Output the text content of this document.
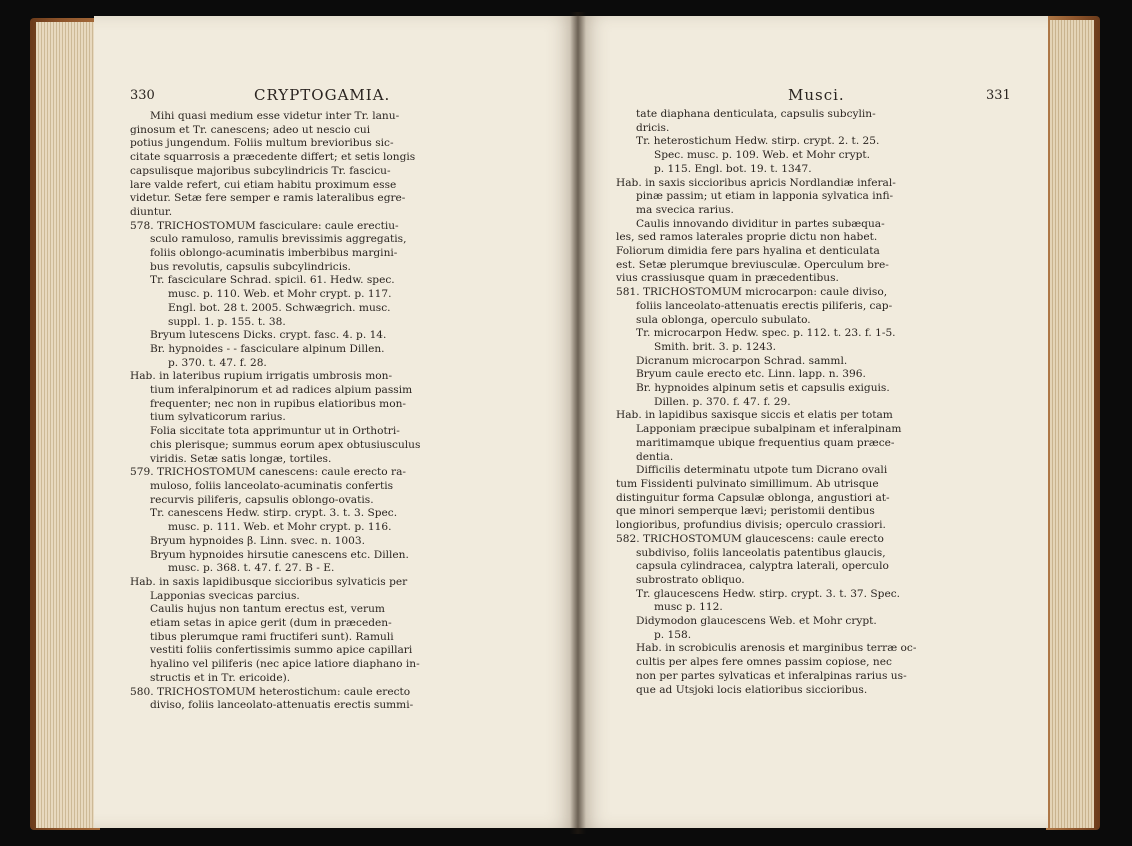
330	CRYPTOGAMIA.

Mihi quasi medium esse videtur inter Tr. lanu-

ginosum et Tr. canescens; adeo ut nescio cui

potius jungendum. Foliis multum brevioribus sic-

citate squarrosis a præcedente differt; et setis longis

capsulisque majoribus subcylindricis Tr. fascicu-

lare valde refert, cui etiam habitu proximum esse

videtur. Setæ fere semper e ramis lateralibus egre-

diuntur.

578. TRICHOSTOMUM fasciculare: caule erectiu-

sculo ramuloso, ramulis brevissimis aggregatis,

foliis oblongo-acuminatis imberbibus margini-

bus revolutis, capsulis subcylindricis.

Tr. fasciculare Schrad. spicil. 61. Hedw. spec.

musc. p. 110. Web. et Mohr crypt. p. 117.

Engl. bot. 28 t. 2005. Schwægrich. musc.

suppl. 1. p. 155. t. 38.

Bryum lutescens Dicks. crypt. fasc. 4. p. 14.

Br. hypnoides - - fasciculare alpinum Dillen.

p. 370. t. 47. f. 28.

Hab. in lateribus rupium irrigatis umbrosis mon-

tium inferalpinorum et ad radices alpium passim

frequenter; nec non in rupibus elatioribus mon-

tium sylvaticorum rarius.

Folia siccitate tota apprimuntur ut in Orthotri-

chis plerisque; summus eorum apex obtusiusculus

viridis. Setæ satis longæ, tortiles.

579. TRICHOSTOMUM canescens: caule erecto ra-

muloso, foliis lanceolato-acuminatis confertis

recurvis piliferis, capsulis oblongo-ovatis.

Tr. canescens Hedw. stirp. crypt. 3. t. 3. Spec.

musc. p. 111. Web. et Mohr crypt. p. 116.

Bryum hypnoides β. Linn. svec. n. 1003.

Bryum hypnoides hirsutie canescens etc. Dillen.

musc. p. 368. t. 47. f. 27. B - E.

Hab. in saxis lapidibusque siccioribus sylvaticis per

Lapponias svecicas parcius.

Caulis hujus non tantum erectus est, verum

etiam setas in apice gerit (dum in præceden-

tibus plerumque rami fructiferi sunt). Ramuli

vestiti foliis confertissimis summo apice capillari

hyalino vel piliferis (nec apice latiore diaphano in-

structis et in Tr. ericoide).

580. TRICHOSTOMUM heterostichum: caule erecto

diviso, foliis lanceolato-attenuatis erectis summi-

Musci.	331

tate diaphana denticulata, capsulis subcylin-

dricis.

Tr. heterostichum Hedw. stirp. crypt. 2. t. 25.

Spec. musc. p. 109. Web. et Mohr crypt.

p. 115. Engl. bot. 19. t. 1347.

Hab. in saxis siccioribus apricis Nordlandiæ inferal-

pinæ passim; ut etiam in lapponia sylvatica infi-

ma svecica rarius.

Caulis innovando dividitur in partes subæqua-

les, sed ramos laterales proprie dictu non habet.

Foliorum dimidia fere pars hyalina et denticulata

est. Setæ plerumque breviusculæ. Operculum bre-

vius crassiusque quam in præcedentibus.

581. TRICHOSTOMUM microcarpon: caule diviso,

foliis lanceolato-attenuatis erectis piliferis, cap-

sula oblonga, operculo subulato.

Tr. microcarpon Hedw. spec. p. 112. t. 23. f. 1-5.

Smith. brit. 3. p. 1243.

Dicranum microcarpon Schrad. samml.

Bryum caule erecto etc. Linn. lapp. n. 396.

Br. hypnoides alpinum setis et capsulis exiguis.

Dillen. p. 370. f. 47. f. 29.

Hab. in lapidibus saxisque siccis et elatis per totam

Lapponiam præcipue subalpinam et inferalpinam

maritimamque ubique frequentius quam præce-

dentia.

Difficilis determinatu utpote tum Dicrano ovali

tum Fissidenti pulvinato simillimum. Ab utrisque

distinguitur forma Capsulæ oblonga, angustiori at-

que minori semperque lævi; peristomii dentibus

longioribus, profundius divisis; operculo crassiori.

582. TRICHOSTOMUM glaucescens: caule erecto

subdiviso, foliis lanceolatis patentibus glaucis,

capsula cylindracea, calyptra laterali, operculo

subrostrato obliquo.

Tr. glaucescens Hedw. stirp. crypt. 3. t. 37. Spec.

musc p. 112.

Didymodon glaucescens Web. et Mohr crypt.

p. 158.

Hab. in scrobiculis arenosis et marginibus terræ oc-

cultis per alpes fere omnes passim copiose, nec

non per partes sylvaticas et inferalpinas rarius us-

que ad Utsjoki locis elatioribus siccioribus.
